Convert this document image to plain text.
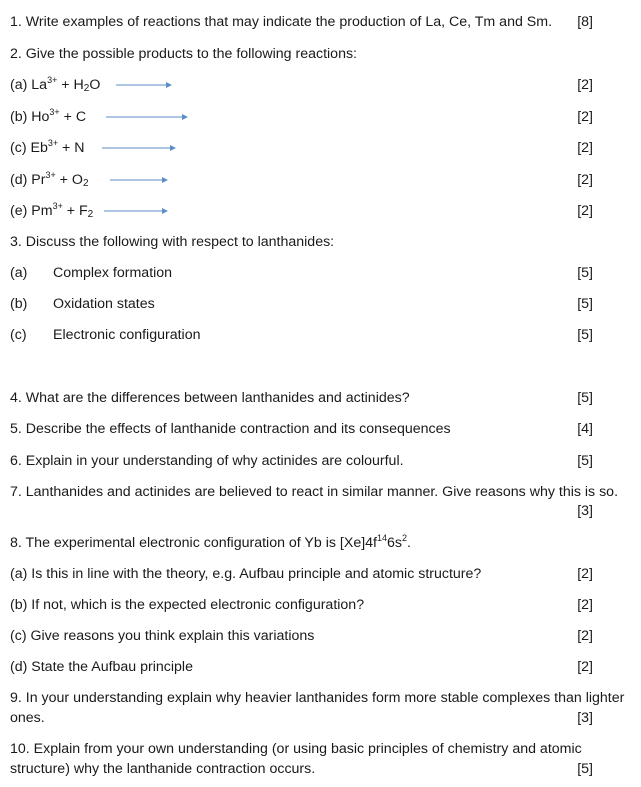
1. Write examples of reactions that may indicate the production of La, Ce, Tm and Sm. [8]
2. Give the possible products to the following reactions:
(a) $La^{3+} + H2O$	[2]
(b) $Ho^{3+} + C$	[2]
(c) $Eb^{3+} + N$	[2]
(d) $Pr^{3+} + O2$	[2]
(e) $Pm^{3+} + F2$	[2]
3. Discuss the following with respect to lanthanides:
(a) Complex formation	[5]
(b) Oxidation states	[5]
(c) Electronic configuration	[5]
4. What are the differences between lanthanides and actinides?	[5]
5. Describe the effects of lanthanide contraction and its consequences	[4]
6. Explain in your understanding of why actinides are colourful.	[5]
7. Lanthanides and actinides are believed to react in similar manner. Give reasons why this is so.
[3]
8. The experimental electronic configuration of Yb is $[Xe]4f^{14}6s^2$.
(a) Is this in line with the theory, e.g. Aufbau principle and atomic structure?	[2]
(b) If not, which is the expected electronic configuration?	[2]
(c) Give reasons you think explain this variations	[2]
(d) State the Aufbau principle	[2]
9. In your understanding explain why heavier lanthanides form more stable complexes than lighter
ones.	[3]
10. Explain from your own understanding (or using basic principles of chemistry and atomic
structure) why the lanthanide contraction occurs.	[5]
